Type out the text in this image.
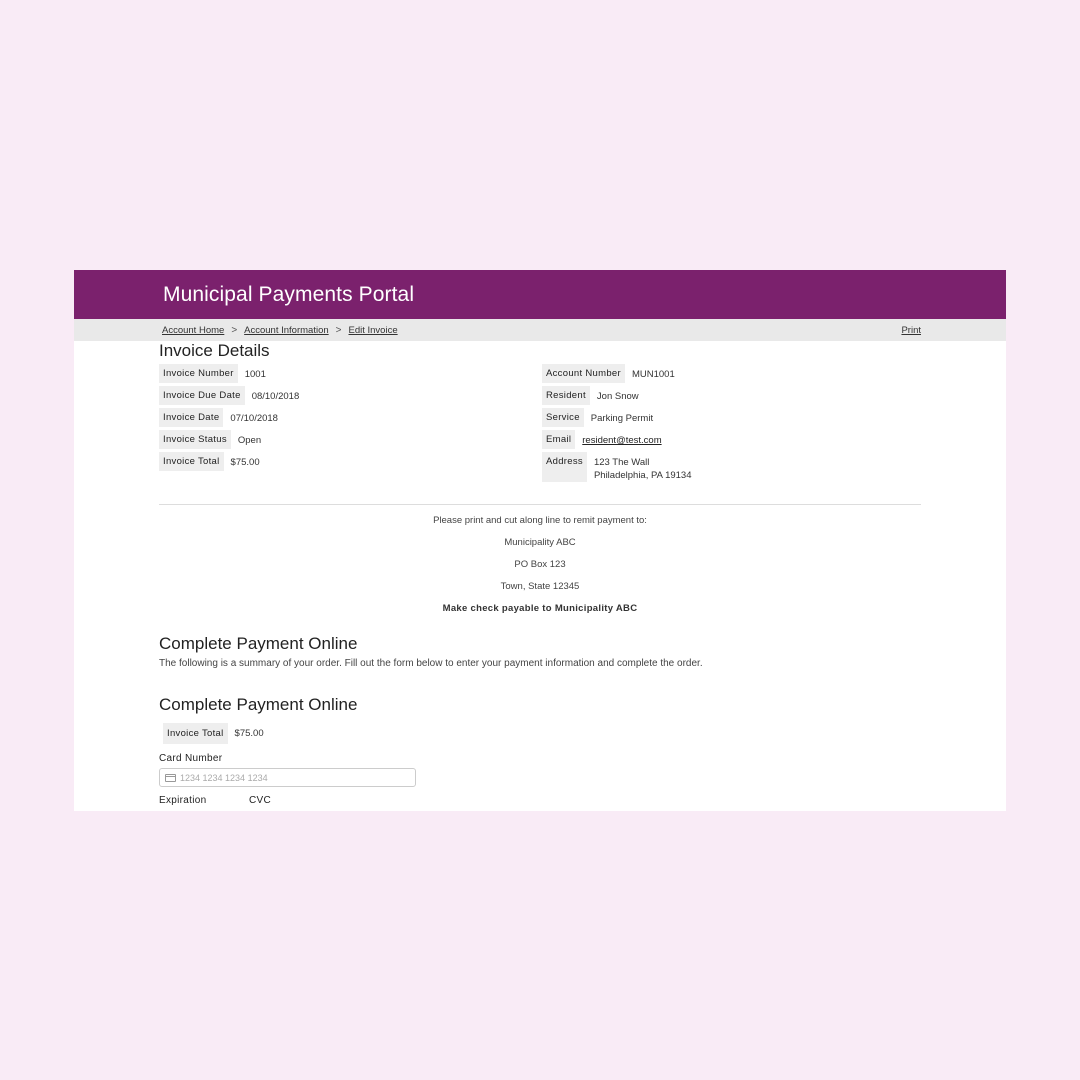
Municipal Payments Portal
Account Home > Account Information > Edit Invoice	Print
Invoice Details
Invoice Number	1001
Invoice Due Date	08/10/2018
Invoice Date	07/10/2018
Invoice Status	Open
Invoice Total	$75.00
Account Number	MUN1001
Resident	Jon Snow
Service	Parking Permit
Email	resident@test.com
Address	123 The Wall
Philadelphia, PA 19134

Please print and cut along line to remit payment to:

Municipality ABC

PO Box 123

Town, State 12345

Make check payable to Municipality ABC

Complete Payment Online
The following is a summary of your order. Fill out the form below to enter your payment information and complete the order.
Complete Payment Online
Invoice Total	$75.00
Card Number
1234 1234 1234 1234
Expiration	CVC
